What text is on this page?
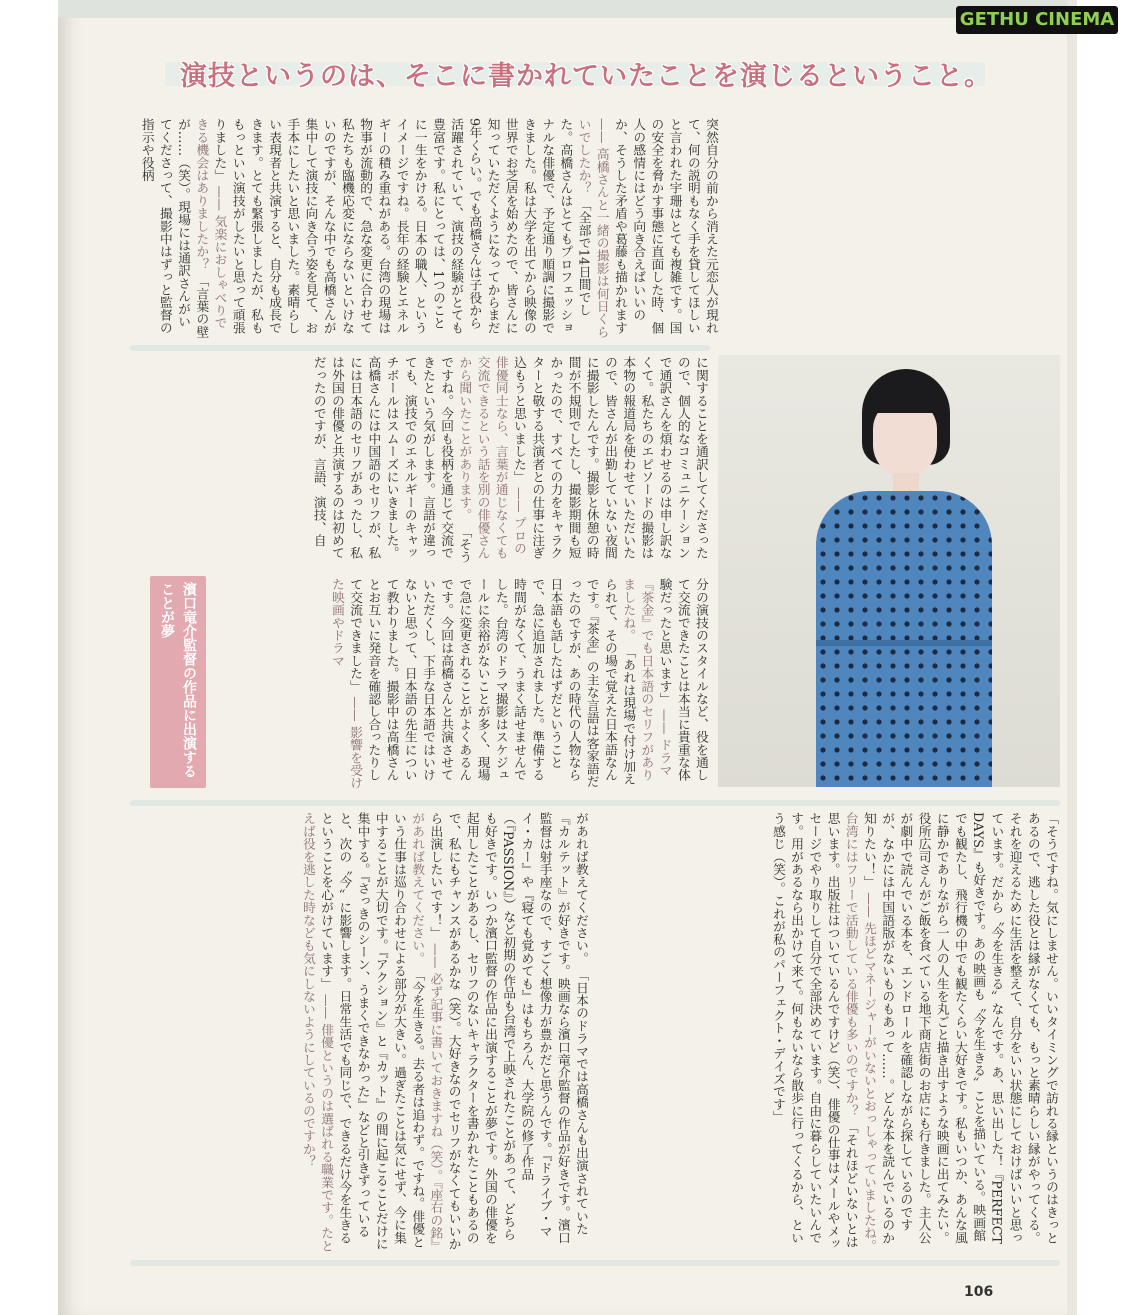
GETHU CINEMA
演技というのは、そこに書かれていたことを演じるということ。
突然自分の前から消えた元恋人が現れて、何の説明もなく手を貸してほしいと言われた宇珊はとても複雑です。国の安全を脅かす事態に直面した時、個人の感情にはどう向き合えばいいのか、そうした矛盾や葛藤も描かれます —— 高橋さんと一緒の撮影は何日くらいでしたか？ 「全部で14日間でした。高橋さんはとてもプロフェッショナルな俳優で、予定通り順調に撮影できました。私は大学を出てから映像の世界でお芝居を始めたので、皆さんに知っていただくようになってからまだ9年くらい。でも高橋さんは子役から活躍されていて、演技の経験がとても豊富です。私にとっては、1つのことに一生をかける。日本の職人、というイメージですね。長年の経験とエネルギーの積み重ねがある。台湾の現場は物事が流動的で、急な変更に合わせて私たちも臨機応変にならないといけないのですが、そんな中でも高橋さんが集中して演技に向き合う姿を見て、お手本にしたいと思いました。素晴らしい表現者と共演すると、自分も成長できます。とても緊張しましたが、私ももっといい演技がしたいと思って頑張りました」 —— 気楽におしゃべりできる機会はありましたか？ 「言葉の壁が……（笑）。現場には通訳さんがいてくださって、撮影中はずっと監督の指示や役柄
に関することを通訳してくださったので、個人的なコミュニケーションで通訳さんを煩わせるのは申し訳なくて。私たちのエピソードの撮影は本物の報道局を使わせていただいたので、皆さんが出勤していない夜間に撮影したんです。撮影と休憩の時間が不規則でしたし、撮影期間も短かったので、すべての力をキャラクターと敬する共演者との仕事に注ぎ込もうと思いました」 —— プロの俳優同士なら、言葉が通じなくても交流できるという話を別の俳優さんから聞いたことがあります。 「そうですね。今回も役柄を通じて交流できたという気がします。言語が違っても、演技でのエネルギーのキャッチボールはスムーズにいきました。高橋さんには中国語のセリフが、私には日本語のセリフがあったし、私は外国の俳優と共演するのは初めてだったのですが、言語、演技、自
濱口竜介監督の作品に出演することが夢	分の演技のスタイルなど、役を通して交流できたことは本当に貴重な体験だったと思います」 —— ドラマ『茶金』でも日本語のセリフがありましたね。 「あれは現場で付け加えられて、その場で覚えた日本語なんです。『茶金』の主な言語は客家語だったのですが、あの時代の人物なら日本語も話したはずだということで、急に追加されました。準備する時間がなくて、うまく話せませんでした。台湾のドラマ撮影はスケジュールに余裕がないことが多く、現場で急に変更されることがよくあるんです。今回は高橋さんと共演させていただくし、下手な日本語ではいけないと思って、日本語の先生について教わりました。撮影中は高橋さんとお互いに発音を確認し合ったりして交流できました」 —— 影響を受けた映画やドラマ
があれば教えてください。 「日本のドラマでは高橋さんも出演されていた『カルテット』が好きです。映画なら濱口竜介監督の作品が好きです。濱口監督は射手座なので、すごく想像力が豊かだと思うんです。『ドライブ・マイ・カー』や『寝ても覚めても』はもちろん、大学院の修了作品（『PASSION』）など初期の作品も台湾で上映されたことがあって、どちらも好きです。いつか濱口監督の作品に出演することが夢です。外国の俳優を起用したことがあるし、セリフのないキャラクターを書かれたこともあるので、私にもチャンスがあるかな（笑）。大好きなのでセリフがなくてもいいから出演したいです！」 —— 必ず記事に書いておきますね（笑）。『座右の銘』があれば教えてください。 「今を生きる。去る者は追わず。ですね。俳優という仕事は巡り合わせによる部分が大きい。過ぎたことは気にせず、今に集中することが大切です。『アクション』と『カット』の間に起こることだけに集中する。『さっきのシーン、うまくできなかった』などと引きずっていると、次の〝今〟に影響します。日常生活でも同じで、できるだけ今を生きるということを心がけています」 —— 俳優というのは選ばれる職業です。たとえば役を逃した時なども気にしないようにしているのですか？	「そうですね。気にしません。いいタイミングで訪れる縁というのはきっとあるので、逃した役とは縁がなくても、もっと素晴らしい縁がやってくる。それを迎えるために生活を整えて、自分をいい状態にしておけばいいと思っています。だから〝今を生きる〟なんです。あ、思い出した！『PERFECT DAYS』も好きです。あの映画も〝今を生きる〟ことを描いている。映画館でも観たし、飛行機の中でも観たくらい大好きです。私もいつか、あんな風に静かでありながら一人の人生を丸ごと描き出すような映画に出てみたい。役所広司さんがご飯を食べている地下商店街のお店にも行きました。主人公が劇中で読んでいる本を、エンドロールを確認しながら探しているのですが、なかには中国語版がないものもあって……。どんな本を読んでいるのか知りたい！」 —— 先ほどマネージャーがいないとおっしゃっていましたね。台湾にはフリーで活動している俳優も多いのですか？ 「それほどいないとは思います。出版社はついているんですけど（笑）、俳優の仕事はメールやメッセージでやり取りして自分で全部決めています。自由に暮らしていたいんです。用があるなら出かけて来て。何もないなら散歩に行ってくるから、という感じ（笑）。これが私のパーフェクト・デイズです」
106
